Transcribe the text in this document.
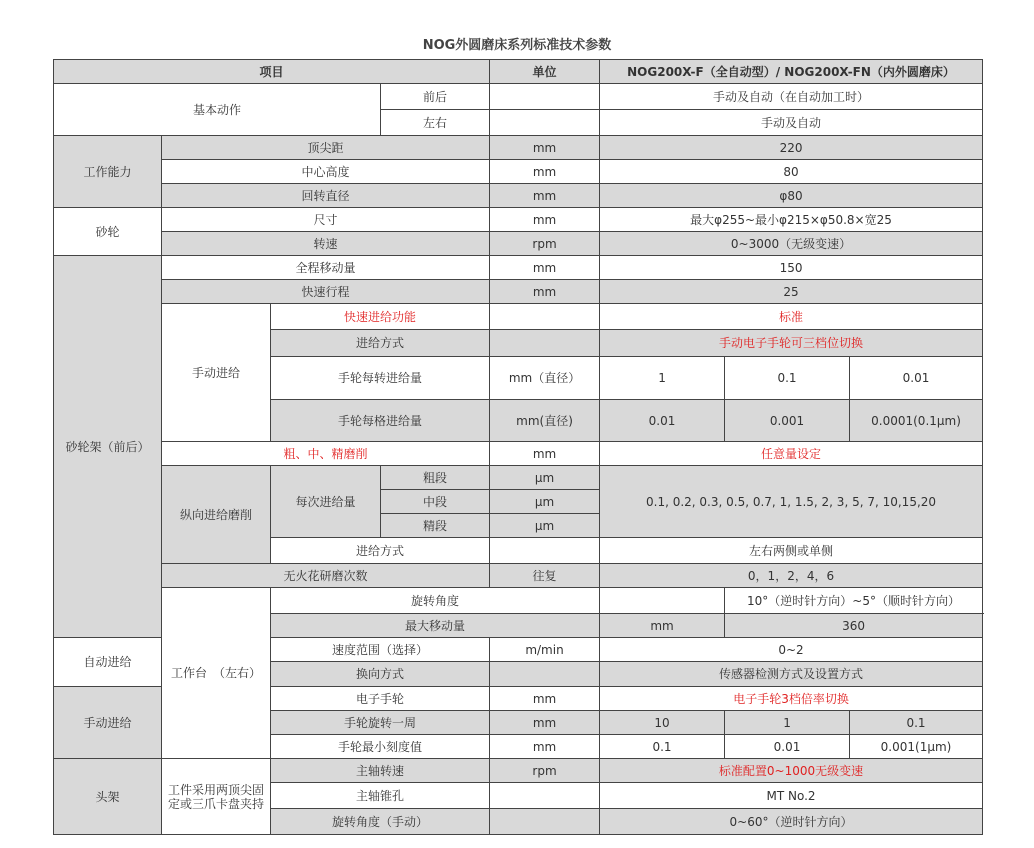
NOG外圆磨床系列标准技术参数
项目				单位	NOG200X-F（全自动型）/ NOG200X-FN（内外圆磨床）		
基本动作			前后		手动及自动（在自动加工时）		
			左右		手动及自动		
工作能力	顶尖距			mm	220		
	中心高度			mm	80		
	回转直径			mm	φ80		
砂轮	尺寸			mm	最大φ255~最小φ215×φ50.8×宽25		
	转速			rpm	0~3000（无级变速）		
砂轮架（前后）	全程移动量			mm	150		
	快速行程			mm	25		
	手动进给	快速进给功能			标准		
		进给方式			手动电子手轮可三档位切换		
		手轮每转进给量		mm（直径）	1	0.1	0.01
		手轮每格进给量		mm(直径)	0.01	0.001	0.0001(0.1μm)
	粗、中、精磨削			mm	任意量设定		
	纵向进给磨削	每次进给量	粗段	μm	0.1, 0.2, 0.3, 0.5, 0.7, 1, 1.5, 2, 3, 5, 7, 10,15,20		
			中段	μm			
			精段	μm			
		进给方式			左右两侧或单侧		
	无火花研磨次数			往复	0，1，2，4，6		
	工作台　（左右）	旋转角度				10°（逆时针方向）~5°（顺时针方向）	
		最大移动量			mm	360	
自动进给		速度范围（选择）		m/min	0~2		
		换向方式			传感器检测方式及设置方式		
手动进给		电子手轮		mm	电子手轮3档倍率切换		
		手轮旋转一周		mm	10	1	0.1
		手轮最小刻度值		mm	0.1	0.01	0.001(1μm)
头架	工件采用两顶尖固 定或三爪卡盘夹持	主轴转速		rpm	标准配置0~1000无级变速		
		主轴锥孔			MT No.2		
		旋转角度（手动）			0~60°（逆时针方向）		
